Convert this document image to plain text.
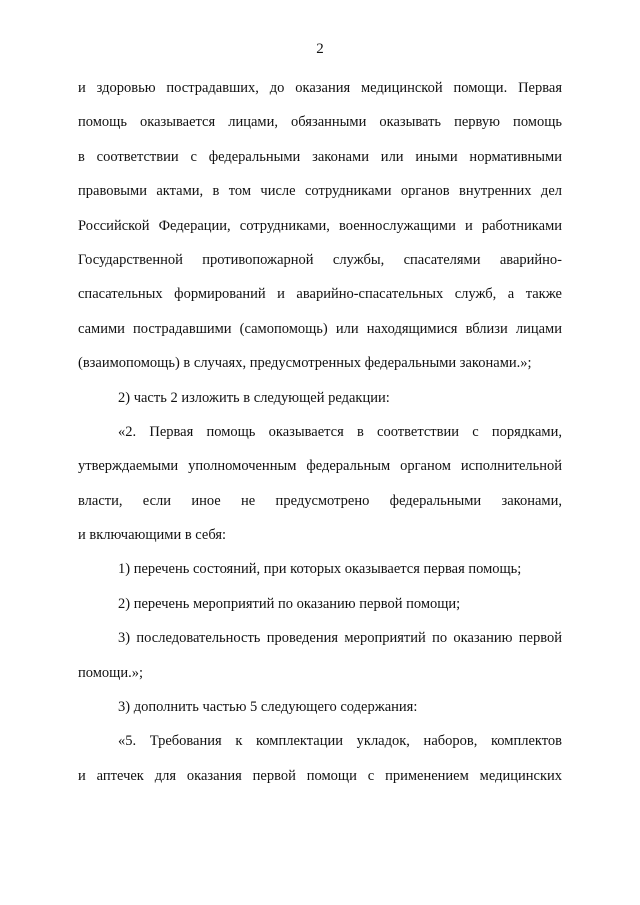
2
и здоровью пострадавших, до оказания медицинской помощи. Первая
помощь оказывается лицами, обязанными оказывать первую помощь
в соответствии с федеральными законами или иными нормативными
правовыми актами, в том числе сотрудниками органов внутренних дел
Российской Федерации, сотрудниками, военнослужащими и работниками
Государственной противопожарной службы, спасателями аварийно-
спасательных формирований и аварийно-спасательных служб, а также
самими пострадавшими (самопомощь) или находящимися вблизи лицами
(взаимопомощь) в случаях, предусмотренных федеральными законами.»;
2) часть 2 изложить в следующей редакции:
«2. Первая помощь оказывается в соответствии с порядками,
утверждаемыми уполномоченным федеральным органом исполнительной
власти, если иное не предусмотрено федеральными законами,
и включающими в себя:
1) перечень состояний, при которых оказывается первая помощь;
2) перечень мероприятий по оказанию первой помощи;
3) последовательность проведения мероприятий по оказанию первой
помощи.»;
3) дополнить частью 5 следующего содержания:
«5. Требования к комплектации укладок, наборов, комплектов
и аптечек для оказания первой помощи с применением медицинских
